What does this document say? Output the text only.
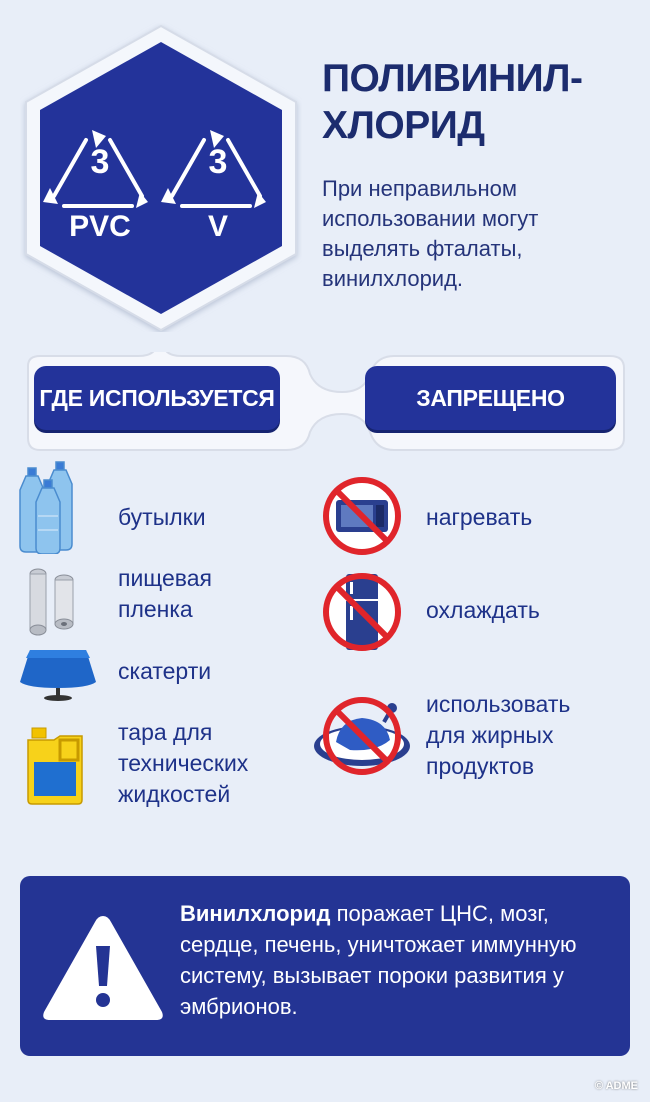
3	3
PVC	V
ПОЛИВИНИЛ-
ХЛОРИД
При неправильном использовании могут выделять фталаты, винилхлорид.
ГДЕ ИСПОЛЬЗУЕТСЯ	ЗАПРЕЩЕНО
бутылки
пищевая
пленка
скатерти
тара для
технических
жидкостей
нагревать
охлаждать
использовать
для жирных
продуктов
Винилхлорид поражает ЦНС, мозг, сердце, печень, уничтожает иммунную систему, вызывает пороки развития у эмбрионов.
© ADME
